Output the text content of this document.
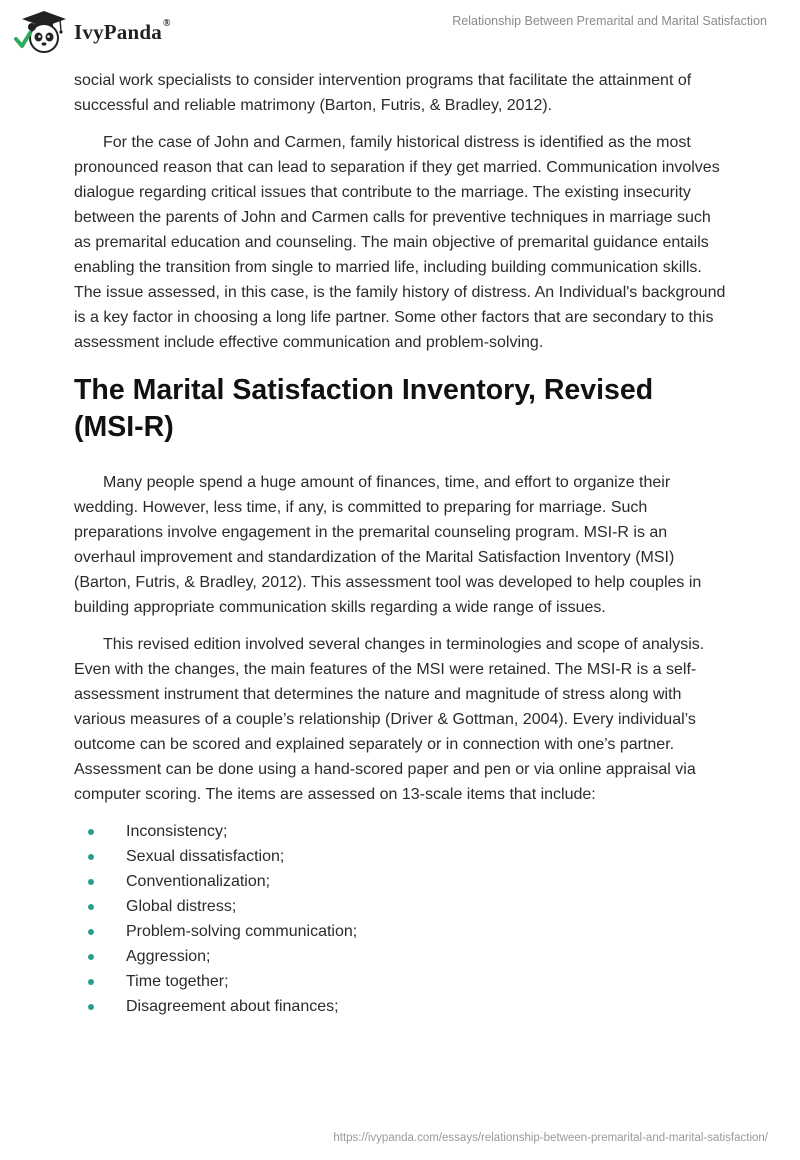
IvyPanda®	Relationship Between Premarital and Marital Satisfaction

social work specialists to consider intervention programs that facilitate the attainment of successful and reliable matrimony (Barton, Futris, & Bradley, 2012).

For the case of John and Carmen, family historical distress is identified as the most pronounced reason that can lead to separation if they get married. Communication involves dialogue regarding critical issues that contribute to the marriage. The existing insecurity between the parents of John and Carmen calls for preventive techniques in marriage such as premarital education and counseling. The main objective of premarital guidance entails enabling the transition from single to married life, including building communication skills. The issue assessed, in this case, is the family history of distress. An Individual's background is a key factor in choosing a long life partner. Some other factors that are secondary to this assessment include effective communication and problem-solving.

The Marital Satisfaction Inventory, Revised (MSI-R)

Many people spend a huge amount of finances, time, and effort to organize their wedding. However, less time, if any, is committed to preparing for marriage. Such preparations involve engagement in the premarital counseling program. MSI-R is an overhaul improvement and standardization of the Marital Satisfaction Inventory (MSI) (Barton, Futris, & Bradley, 2012). This assessment tool was developed to help couples in building appropriate communication skills regarding a wide range of issues.

This revised edition involved several changes in terminologies and scope of analysis. Even with the changes, the main features of the MSI were retained. The MSI-R is a self-assessment instrument that determines the nature and magnitude of stress along with various measures of a couple’s relationship (Driver & Gottman, 2004). Every individual’s outcome can be scored and explained separately or in connection with one’s partner. Assessment can be done using a hand-scored paper and pen or via online appraisal via computer scoring. The items are assessed on 13-scale items that include:

Inconsistency;
Sexual dissatisfaction;
Conventionalization;
Global distress;
Problem-solving communication;
Aggression;
Time together;
Disagreement about finances;
https://ivypanda.com/essays/relationship-between-premarital-and-marital-satisfaction/
